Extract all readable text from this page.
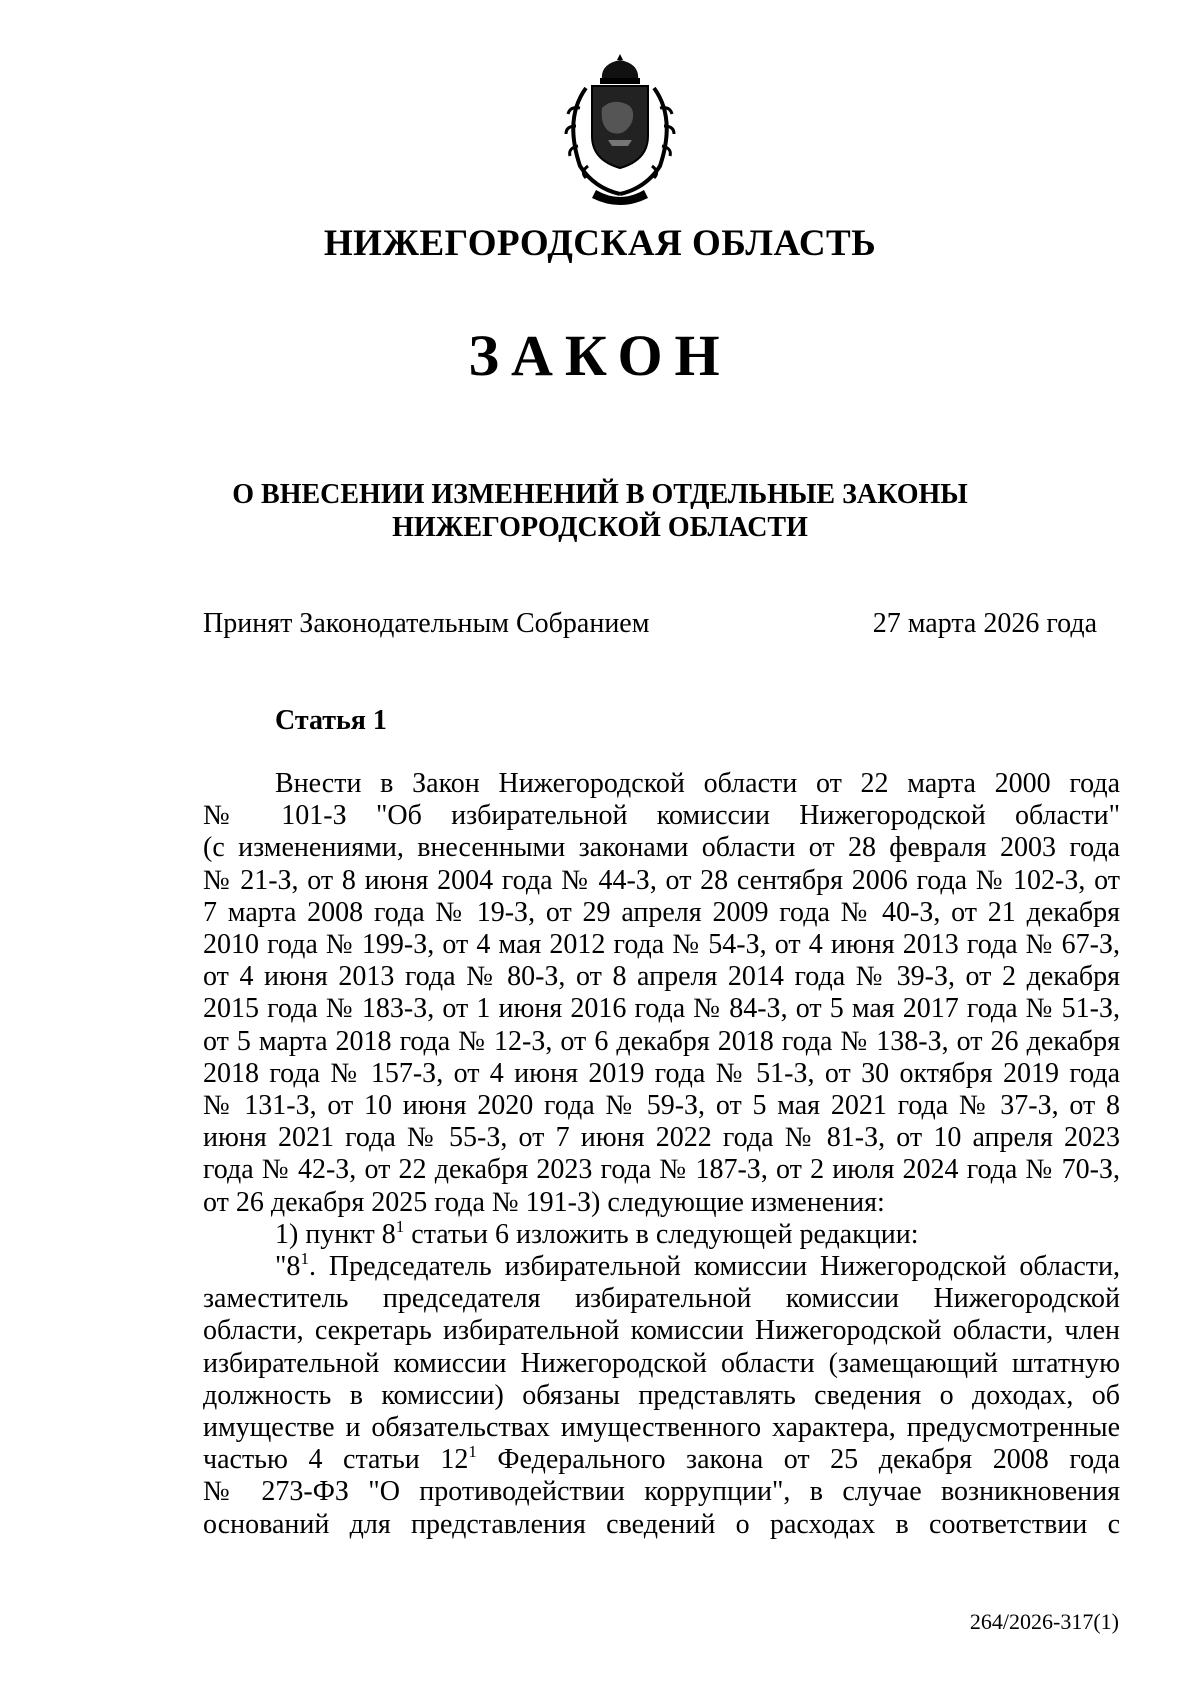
НИЖЕГОРОДСКАЯ ОБЛАСТЬ
ЗАКОН
О ВНЕСЕНИИ ИЗМЕНЕНИЙ В ОТДЕЛЬНЫЕ ЗАКОНЫ
НИЖЕГОРОДСКОЙ ОБЛАСТИ
Принят Законодательным Собранием	27 марта 2026 года
Статья 1

Внести в Закон Нижегородской области от 22 марта 2000 года

№ 101-З "Об избирательной комиссии Нижегородской области"

(с изменениями, внесенными законами области от 28 февраля 2003 года

№ 21-З, от 8 июня 2004 года № 44-З, от 28 сентября 2006 года № 102-З, от

7 марта 2008 года № 19-З, от 29 апреля 2009 года № 40-З, от 21 декабря

2010 года № 199-З, от 4 мая 2012 года № 54-З, от 4 июня 2013 года № 67-З,

от 4 июня 2013 года № 80-З, от 8 апреля 2014 года № 39-З, от 2 декабря

2015 года № 183-З, от 1 июня 2016 года № 84-З, от 5 мая 2017 года № 51-З,

от 5 марта 2018 года № 12-З, от 6 декабря 2018 года № 138-З, от 26 декабря

2018 года № 157-З, от 4 июня 2019 года № 51-З, от 30 октября 2019 года

№ 131-З, от 10 июня 2020 года № 59-З, от 5 мая 2021 года № 37-З, от 8

июня 2021 года № 55-З, от 7 июня 2022 года № 81-З, от 10 апреля 2023

года № 42-З, от 22 декабря 2023 года № 187-З, от 2 июля 2024 года № 70-З,

от 26 декабря 2025 года № 191-З) следующие изменения:

1) пункт $8^1$ статьи 6 изложить в следующей редакции:

"$8^1$. Председатель избирательной комиссии Нижегородской области,

заместитель председателя избирательной комиссии Нижегородской

области, секретарь избирательной комиссии Нижегородской области, член

избирательной комиссии Нижегородской области (замещающий штатную

должность в комиссии) обязаны представлять сведения о доходах, об

имуществе и обязательствах имущественного характера, предусмотренные

частью 4 статьи $12^1$ Федерального закона от 25 декабря 2008 года

№ 273-ФЗ "О противодействии коррупции", в случае возникновения

оснований для представления сведений о расходах в соответствии с

264/2026-317(1)
